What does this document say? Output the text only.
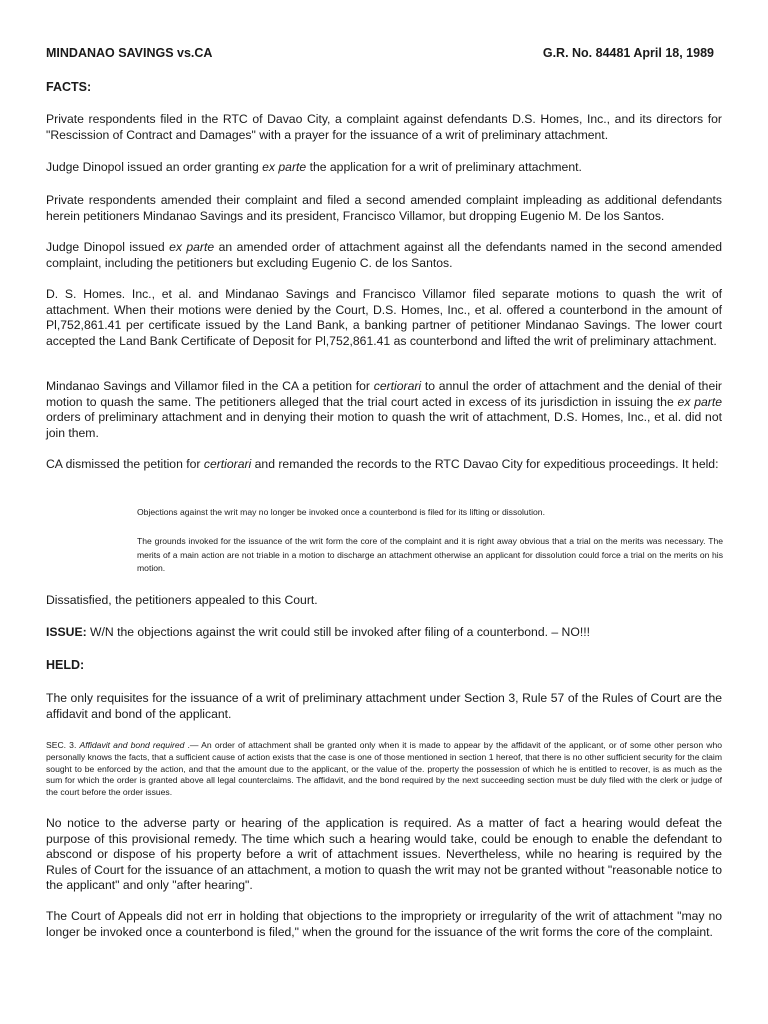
MINDANAO SAVINGS vs.CA	G.R. No. 84481 April 18, 1989
FACTS:

Private respondents filed in the RTC of Davao City, a complaint against defendants D.S. Homes, Inc., and its directors for "Rescission of Contract and Damages" with a prayer for the issuance of a writ of preliminary attachment.

Judge Dinopol issued an order granting ex parte the application for a writ of preliminary attachment.

Private respondents amended their complaint and filed a second amended complaint impleading as additional defendants herein petitioners Mindanao Savings and its president, Francisco Villamor, but dropping Eugenio M. De los Santos.

Judge Dinopol issued ex parte an amended order of attachment against all the defendants named in the second amended complaint, including the petitioners but excluding Eugenio C. de los Santos.

D. S. Homes. Inc., et al. and Mindanao Savings and Francisco Villamor filed separate motions to quash the writ of attachment. When their motions were denied by the Court, D.S. Homes, Inc., et al. offered a counterbond in the amount of Pl,752,861.41 per certificate issued by the Land Bank, a banking partner of petitioner Mindanao Savings. The lower court accepted the Land Bank Certificate of Deposit for Pl,752,861.41 as counterbond and lifted the writ of preliminary attachment.

Mindanao Savings and Villamor filed in the CA a petition for certiorari to annul the order of attachment and the denial of their motion to quash the same. The petitioners alleged that the trial court acted in excess of its jurisdiction in issuing the ex parte orders of preliminary attachment and in denying their motion to quash the writ of attachment, D.S. Homes, Inc., et al. did not join them.

CA dismissed the petition for certiorari and remanded the records to the RTC Davao City for expeditious proceedings. It held:

Objections against the writ may no longer be invoked once a counterbond is filed for its lifting or dissolution.

The grounds invoked for the issuance of the writ form the core of the complaint and it is right away obvious that a trial on the merits was necessary. The merits of a main action are not triable in a motion to discharge an attachment otherwise an applicant for dissolution could force a trial on the merits on his motion.

Dissatisfied, the petitioners appealed to this Court.

ISSUE: W/N the objections against the writ could still be invoked after filing of a counterbond. – NO!!!

HELD:

The only requisites for the issuance of a writ of preliminary attachment under Section 3, Rule 57 of the Rules of Court are the affidavit and bond of the applicant.

SEC. 3. Affidavit and bond required .— An order of attachment shall be granted only when it is made to appear by the affidavit of the applicant, or of some other person who personally knows the facts, that a sufficient cause of action exists that the case is one of those mentioned in section 1 hereof, that there is no other sufficient security for the claim sought to be enforced by the action, and that the amount due to the applicant, or the value of the. property the possession of which he is entitled to recover, is as much as the sum for which the order is granted above all legal counterclaims. The affidavit, and the bond required by the next succeeding section must be duly filed with the clerk or judge of the court before the order issues.

No notice to the adverse party or hearing of the application is required. As a matter of fact a hearing would defeat the purpose of this provisional remedy. The time which such a hearing would take, could be enough to enable the defendant to abscond or dispose of his property before a writ of attachment issues. Nevertheless, while no hearing is required by the Rules of Court for the issuance of an attachment, a motion to quash the writ may not be granted without "reasonable notice to the applicant" and only "after hearing".

The Court of Appeals did not err in holding that objections to the impropriety or irregularity of the writ of attachment "may no longer be invoked once a counterbond is filed," when the ground for the issuance of the writ forms the core of the complaint.
